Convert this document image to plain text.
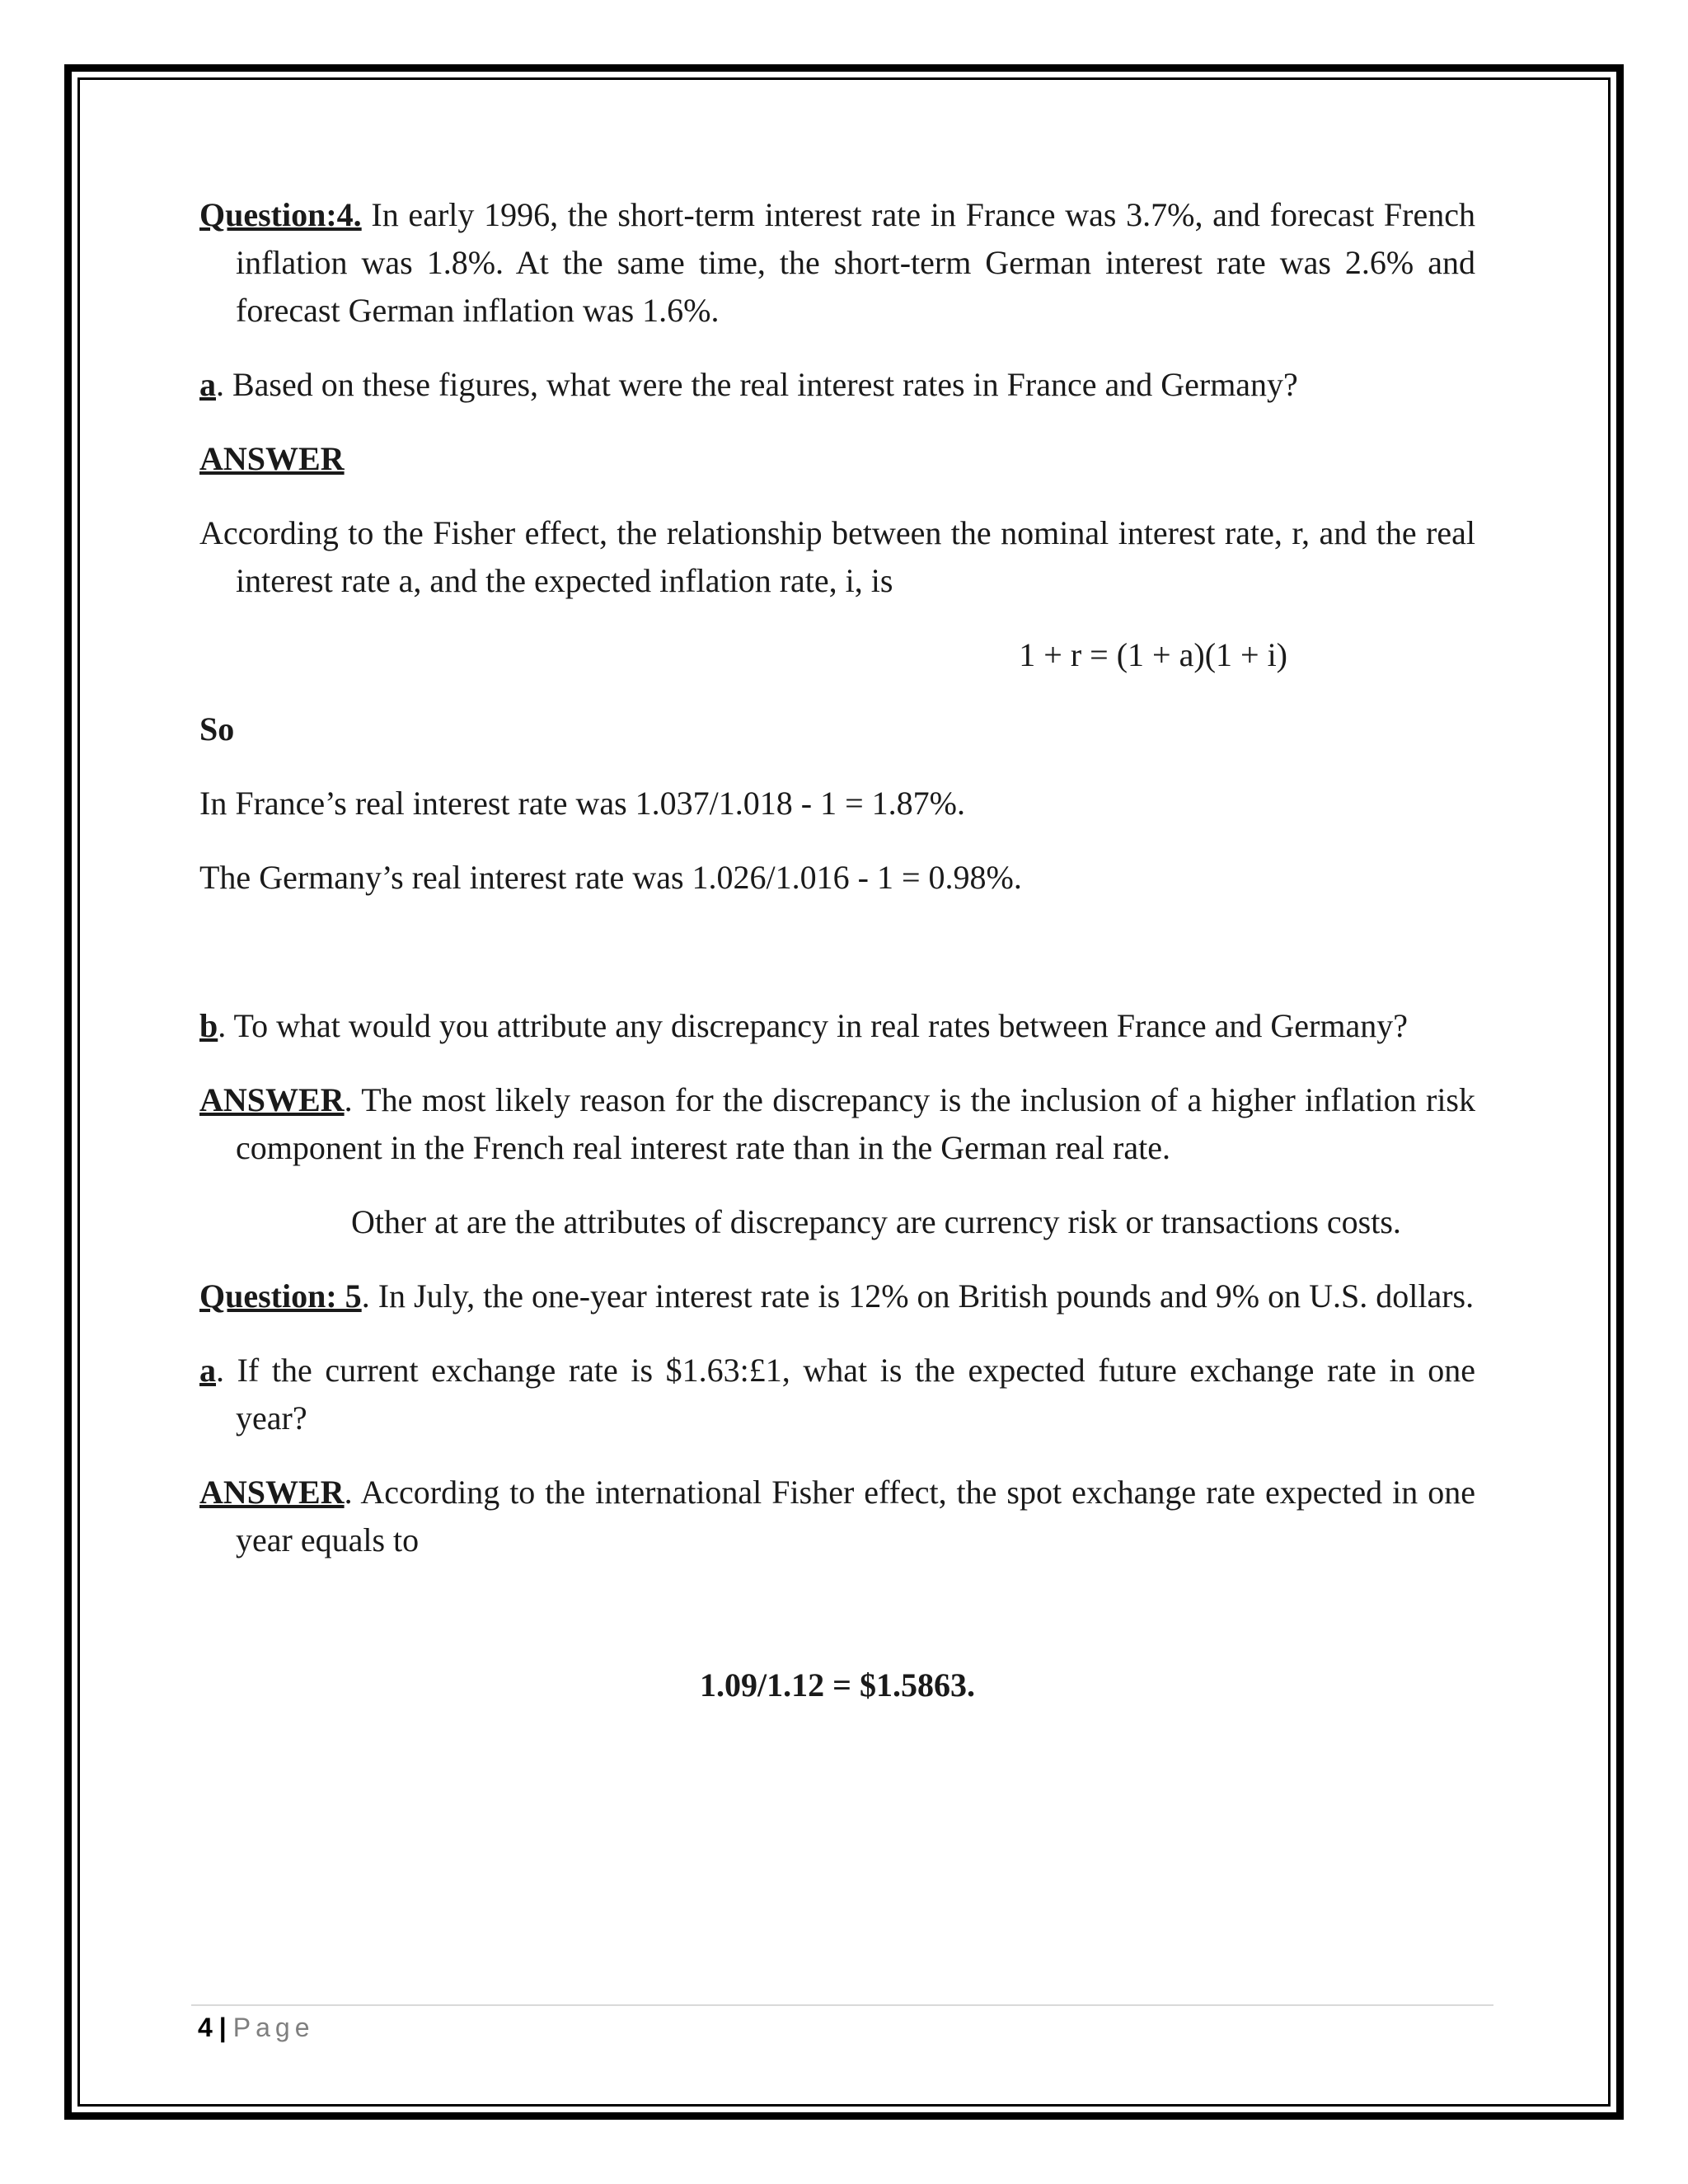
Question:4. In early 1996, the short-term interest rate in France was 3.7%, and forecast French inflation was 1.8%. At the same time, the short-term German interest rate was 2.6% and forecast German inflation was 1.6%.

a. Based on these figures, what were the real interest rates in France and Germany?

ANSWER

According to the Fisher effect, the relationship between the nominal interest rate, r, and the real interest rate a, and the expected inflation rate, i, is

1 + r = (1 + a)(1 + i)

So

In France’s real interest rate was 1.037/1.018 - 1 = 1.87%.

The Germany’s real interest rate was 1.026/1.016 - 1 = 0.98%.

b. To what would you attribute any discrepancy in real rates between France and Germany?

ANSWER. The most likely reason for the discrepancy is the inclusion of a higher inflation risk component in the French real interest rate than in the German real rate.

Other at are the attributes of discrepancy are currency risk or transactions costs.

Question: 5. In July, the one-year interest rate is 12% on British pounds and 9% on U.S. dollars.

a. If the current exchange rate is $1.63:£1, what is the expected future exchange rate in one year?

ANSWER. According to the international Fisher effect, the spot exchange rate expected in one year equals to

1.09/1.12 = $1.5863.

4 | Page
